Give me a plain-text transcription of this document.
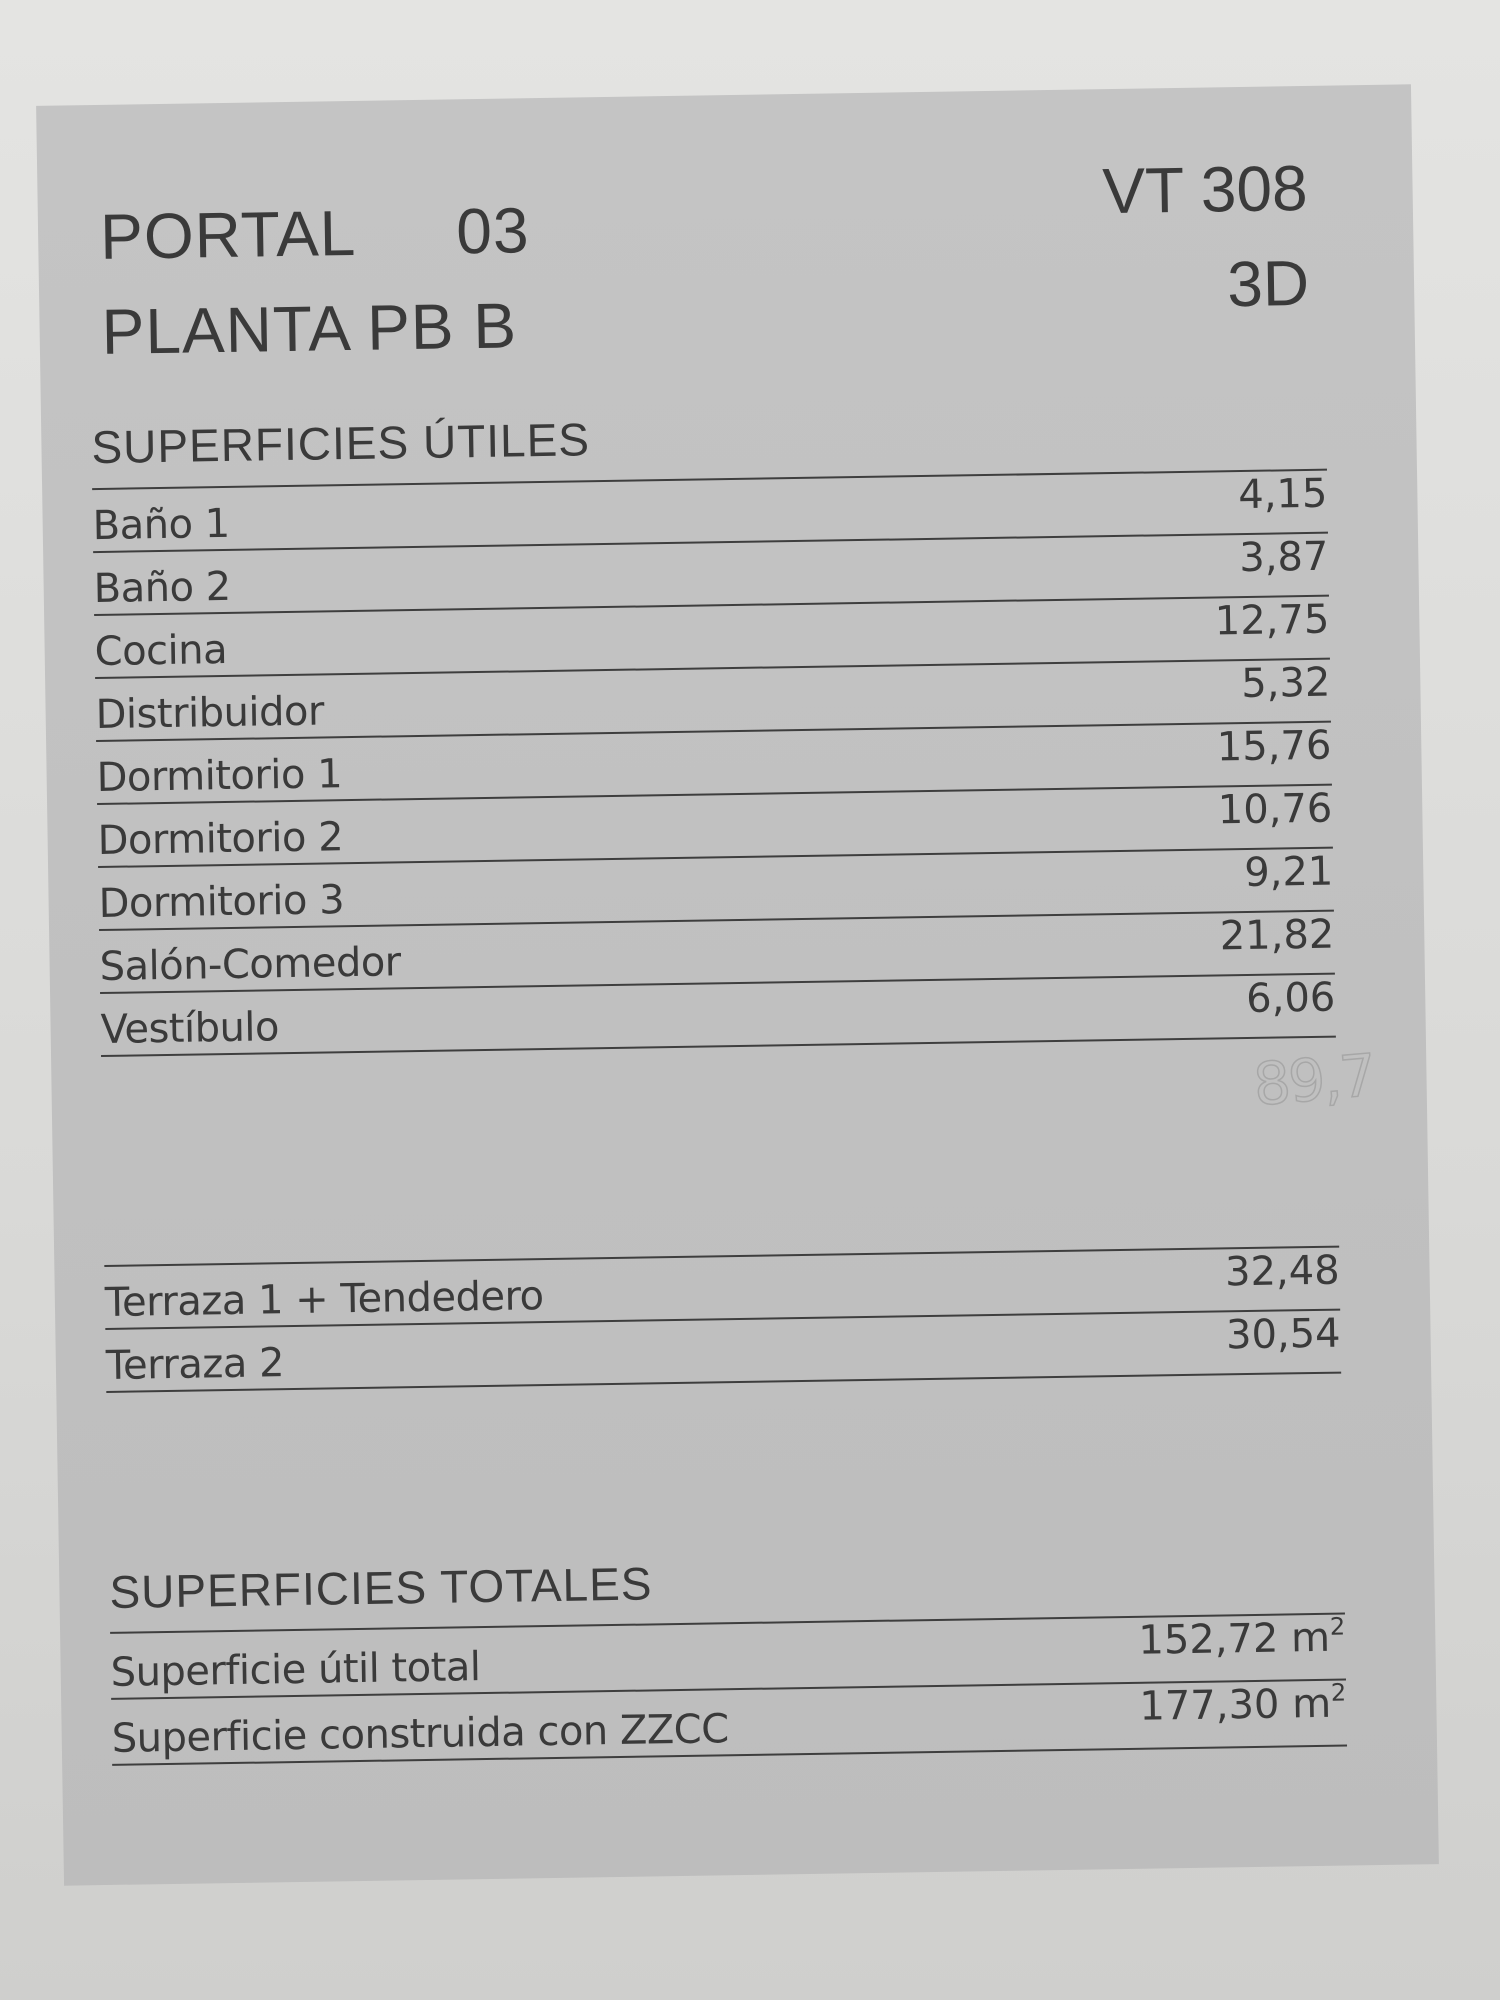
PORTAL 03
PLANTA PB B
VT 308
3D
SUPERFICIES ÚTILES
Baño 1
4,15
Baño 2
3,87
Cocina
12,75
Distribuidor
5,32
Dormitorio 1
15,76
Dormitorio 2
10,76
Dormitorio 3
9,21
Salón-Comedor
21,82
Vestíbulo
6,06
89,7
Terraza 1 + Tendedero
32,48
Terraza 2
30,54
SUPERFICIES TOTALES
Superficie útil total
152,72 $m^2$
Superficie construida con ZZCC
177,30 $m^2$
